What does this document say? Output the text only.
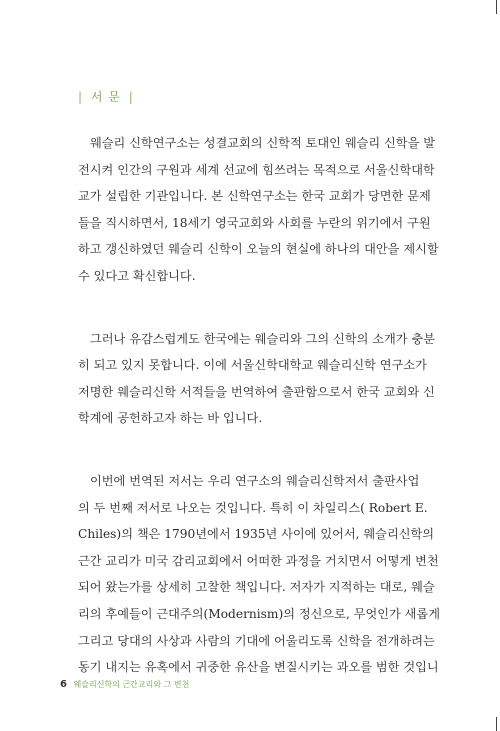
| 서 문 |

웨슬리 신학연구소는 성결교회의 신학적 토대인 웨슬리 신학을 발
전시켜 인간의 구원과 세계 선교에 힘쓰려는 목적으로 서울신학대학
교가 설립한 기관입니다. 본 신학연구소는 한국 교회가 당면한 문제
들을 직시하면서, 18세기 영국교회와 사회를 누란의 위기에서 구원
하고 갱신하였던 웨슬리 신학이 오늘의 현실에 하나의 대안을 제시할
수 있다고 확신합니다.

그러나 유감스럽게도 한국에는 웨슬리와 그의 신학의 소개가 충분
히 되고 있지 못합니다. 이에 서울신학대학교 웨슬리신학 연구소가
저명한 웨슬리신학 서적들을 번역하여 출판함으로서 한국 교회와 신
학계에 공헌하고자 하는 바 입니다.

이번에 번역된 저서는 우리 연구소의 웨슬리신학저서 출판사업
의 두 번째 저서로 나오는 것입니다. 특히 이 차일리스( Robert E.
Chiles)의 책은 1790년에서 1935년 사이에 있어서, 웨슬리신학의
근간 교리가 미국 감리교회에서 어떠한 과정을 거치면서 어떻게 변천
되어 왔는가를 상세히 고찰한 책입니다. 저자가 지적하는 대로, 웨슬
리의 후예들이 근대주의(Modernism)의 정신으로, 무엇인가 새롭게
그리고 당대의 사상과 사람의 기대에 어울리도록 신학을 전개하려는
동기 내지는 유혹에서 귀중한 유산을 변질시키는 과오를 범한 것입니

6 웨슬리신학의 근간교리와 그 변천
